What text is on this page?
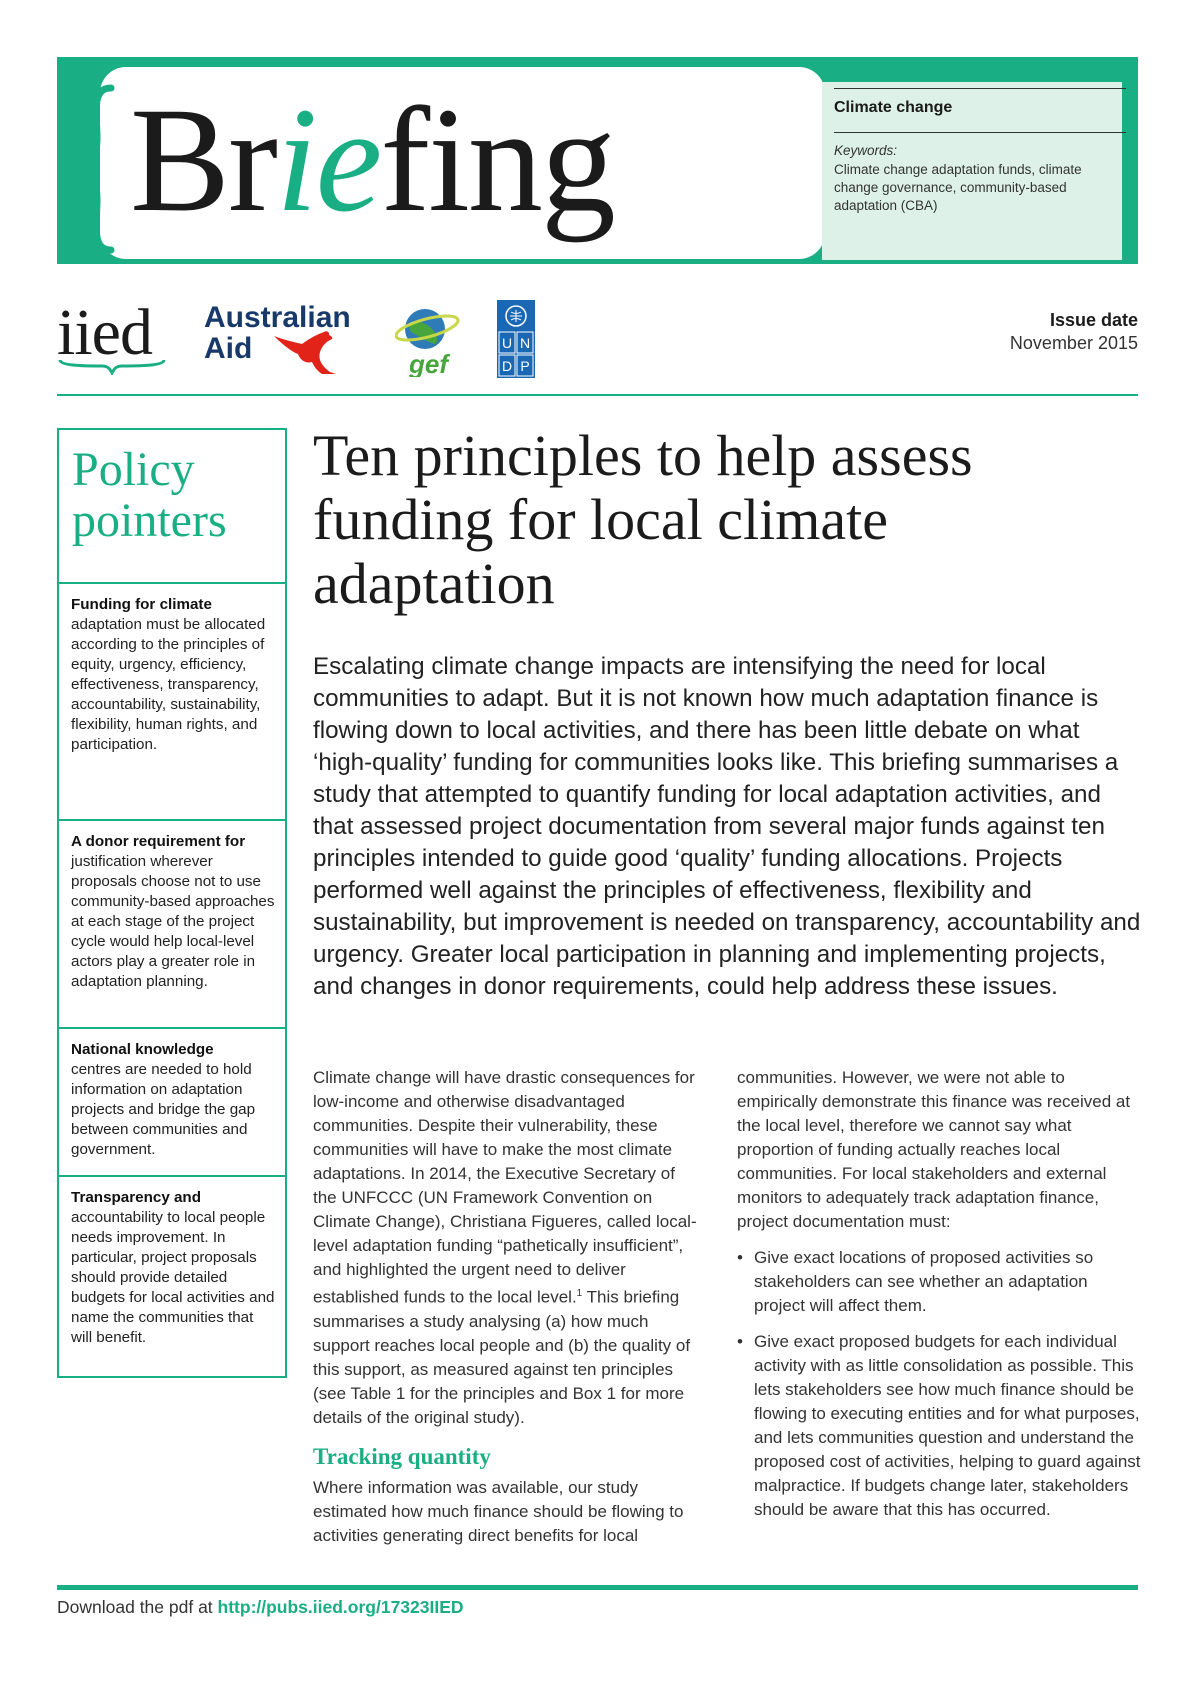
Briefing	Climate change
Keywords:
Climate change adaptation funds, climate change governance, community-based adaptation (CBA)
iied Australian
Aid	gef
U N
D P
Issue date
November 2015
Policy
pointers
Funding for climate
adaptation must be allocated according to the principles of equity, urgency, efficiency, effectiveness, transparency, accountability, sustainability, flexibility, human rights, and participation.
A donor requirement for
justification wherever proposals choose not to use community-based approaches at each stage of the project cycle would help local-level actors play a greater role in adaptation planning.
National knowledge
centres are needed to hold information on adaptation projects and bridge the gap between communities and government.
Transparency and
accountability to local people needs improvement. In particular, project proposals should provide detailed budgets for local activities and name the communities that will benefit.
Ten principles to help assess funding for local climate adaptation
Escalating climate change impacts are intensifying the need for local communities to adapt. But it is not known how much adaptation finance is flowing down to local activities, and there has been little debate on what ‘high-quality’ funding for communities looks like. This briefing summarises a study that attempted to quantify funding for local adaptation activities, and that assessed project documentation from several major funds against ten principles intended to guide good ‘quality’ funding allocations. Projects performed well against the principles of effectiveness, flexibility and sustainability, but improvement is needed on transparency, accountability and urgency. Greater local participation in planning and implementing projects, and changes in donor requirements, could help address these issues.

Climate change will have drastic consequences for low-income and otherwise disadvantaged communities. Despite their vulnerability, these communities will have to make the most climate adaptations. In 2014, the Executive Secretary of the UNFCCC (UN Framework Convention on Climate Change), Christiana Figueres, called local-level adaptation funding “pathetically insufficient”, and highlighted the urgent need to deliver established funds to the local level.$^1$ This briefing summarises a study analysing (a) how much support reaches local people and (b) the quality of this support, as measured against ten principles (see Table 1 for the principles and Box 1 for more details of the original study).

Tracking quantity

Where information was available, our study estimated how much finance should be flowing to activities generating direct benefits for local

communities. However, we were not able to empirically demonstrate this finance was received at the local level, therefore we cannot say what proportion of funding actually reaches local communities. For local stakeholders and external monitors to adequately track adaptation finance, project documentation must:

• Give exact locations of proposed activities so stakeholders can see whether an adaptation project will affect them.
• Give exact proposed budgets for each individual activity with as little consolidation as possible. This lets stakeholders see how much finance should be flowing to executing entities and for what purposes, and lets communities question and understand the proposed cost of activities, helping to guard against malpractice. If budgets change later, stakeholders should be aware that this has occurred.
Download the pdf at http://pubs.iied.org/17323IIED
